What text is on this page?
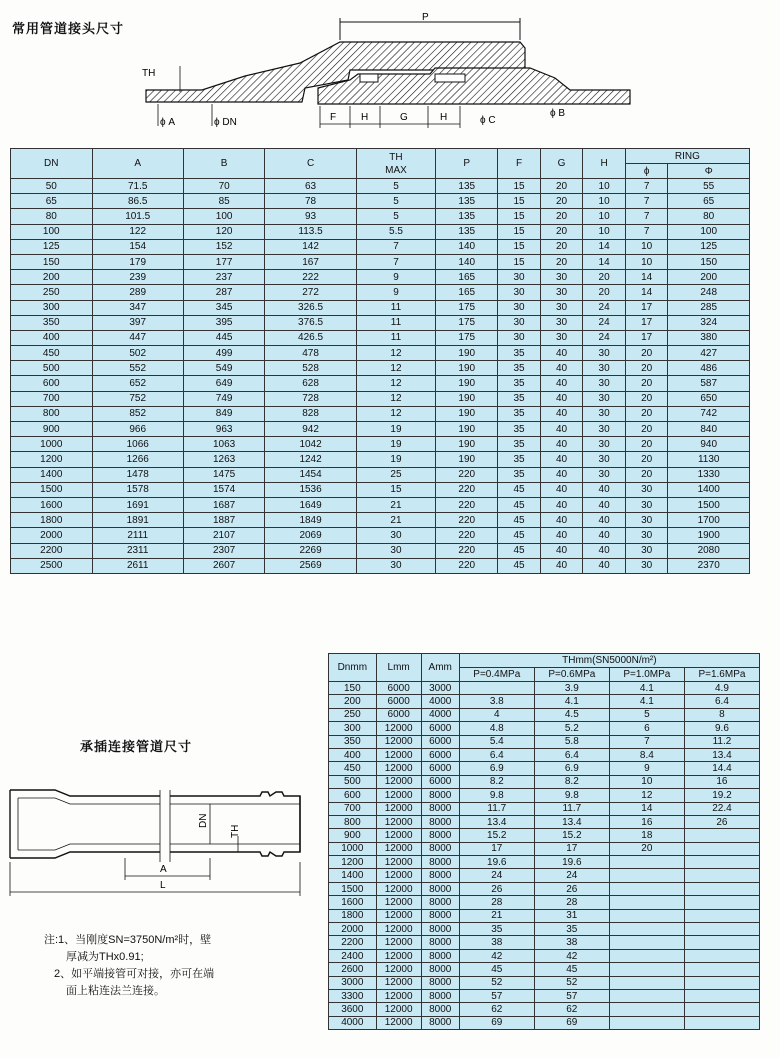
常用管道接头尺寸
P
TH
F H	G	H	ϕ C
ϕ B
ϕ A	ϕ DN
DN	A	B	C	TH
MAX	P	F	G	H	RING	
									ϕ	Φ
50	71.5	70	63	5	135	15	20	10	7	55
65	86.5	85	78	5	135	15	20	10	7	65
80	101.5	100	93	5	135	15	20	10	7	80
100	122	120	113.5	5.5	135	15	20	10	7	100
125	154	152	142	7	140	15	20	14	10	125
150	179	177	167	7	140	15	20	14	10	150
200	239	237	222	9	165	30	30	20	14	200
250	289	287	272	9	165	30	30	20	14	248
300	347	345	326.5	11	175	30	30	24	17	285
350	397	395	376.5	11	175	30	30	24	17	324
400	447	445	426.5	11	175	30	30	24	17	380
450	502	499	478	12	190	35	40	30	20	427
500	552	549	528	12	190	35	40	30	20	486
600	652	649	628	12	190	35	40	30	20	587
700	752	749	728	12	190	35	40	30	20	650
800	852	849	828	12	190	35	40	30	20	742
900	966	963	942	19	190	35	40	30	20	840
1000	1066	1063	1042	19	190	35	40	30	20	940
1200	1266	1263	1242	19	190	35	40	30	20	1130
1400	1478	1475	1454	25	220	35	40	30	20	1330
1500	1578	1574	1536	15	220	45	40	40	30	1400
1600	1691	1687	1649	21	220	45	40	40	30	1500
1800	1891	1887	1849	21	220	45	40	40	30	1700
2000	2111	2107	2069	30	220	45	40	40	30	1900
2200	2311	2307	2269	30	220	45	40	40	30	2080
2500	2611	2607	2569	30	220	45	40	40	30	2370
承插连接管道尺寸
DN
TH
A
L
注:1、当刚度SN=3750N/m²时，壁
厚减为THx0.91;
2、如平端接管可对接，亦可在端
面上粘连法兰连接。
Dnmm	Lmm	Amm	THmm(SN5000N/m²)			
			P=0.4MPa	P=0.6MPa	P=1.0MPa	P=1.6MPa
150	6000	3000		3.9	4.1	4.9
200	6000	4000	3.8	4.1	4.1	6.4
250	6000	4000	4	4.5	5	8
300	12000	6000	4.8	5.2	6	9.6
350	12000	6000	5.4	5.8	7	11.2
400	12000	6000	6.4	6.4	8.4	13.4
450	12000	6000	6.9	6.9	9	14.4
500	12000	6000	8.2	8.2	10	16
600	12000	8000	9.8	9.8	12	19.2
700	12000	8000	11.7	11.7	14	22.4
800	12000	8000	13.4	13.4	16	26
900	12000	8000	15.2	15.2	18	
1000	12000	8000	17	17	20	
1200	12000	8000	19.6	19.6		
1400	12000	8000	24	24		
1500	12000	8000	26	26		
1600	12000	8000	28	28		
1800	12000	8000	21	31		
2000	12000	8000	35	35		
2200	12000	8000	38	38		
2400	12000	8000	42	42		
2600	12000	8000	45	45		
3000	12000	8000	52	52		
3300	12000	8000	57	57		
3600	12000	8000	62	62		
4000	12000	8000	69	69		
